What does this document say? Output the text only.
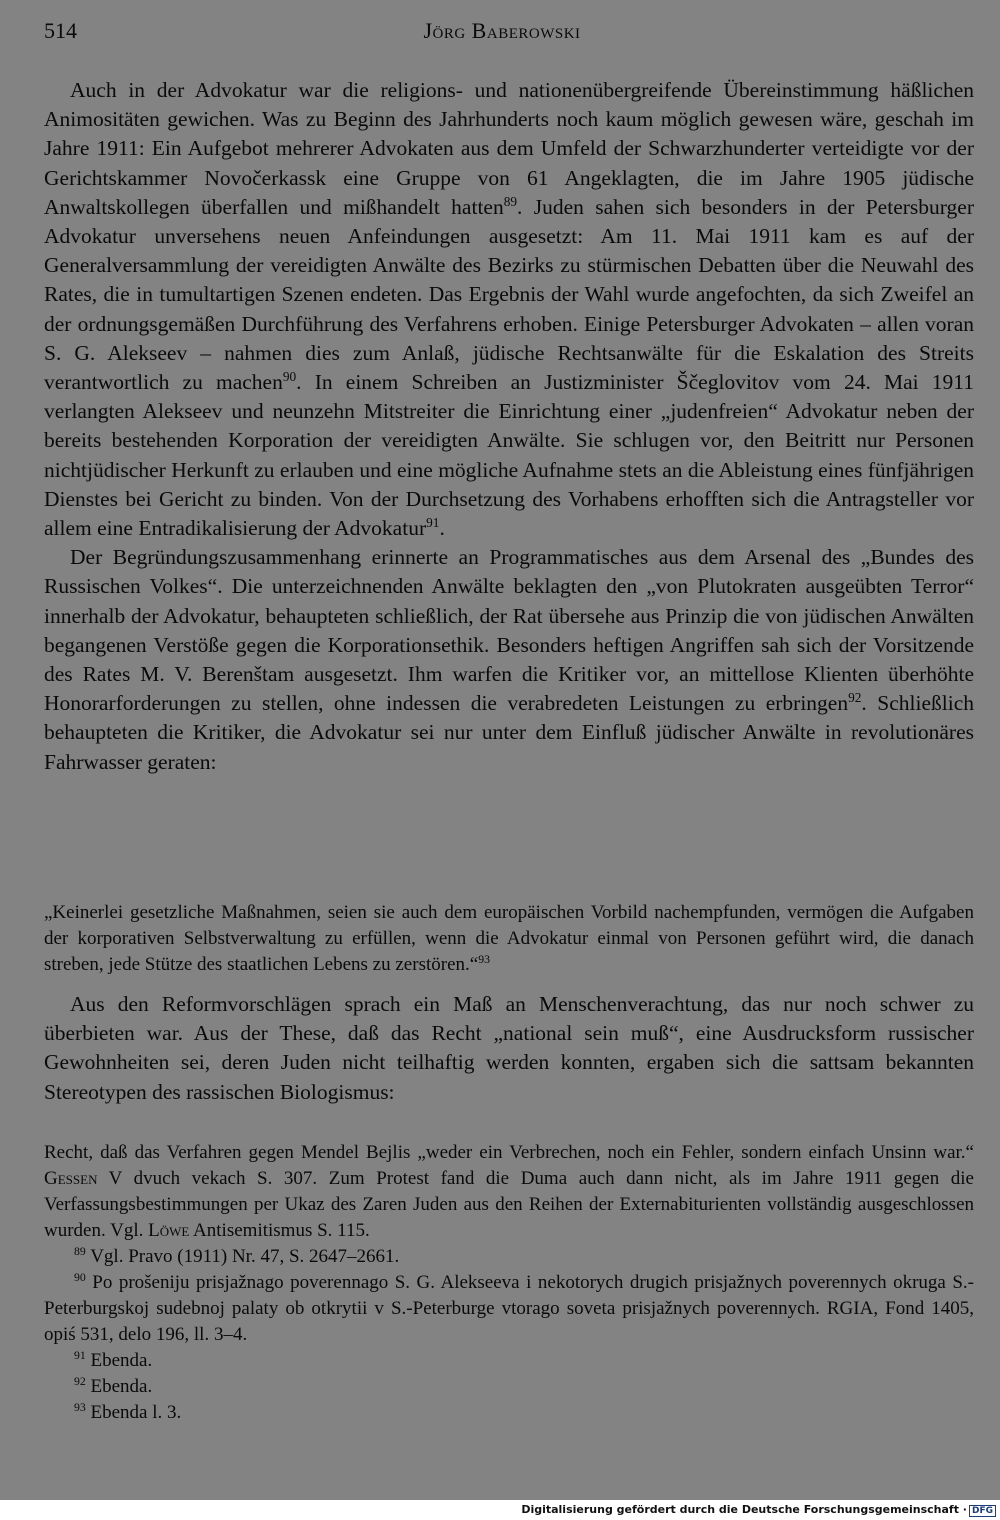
514	Jörg Baberowski

Auch in der Advokatur war die religions- und nationenübergreifende Übereinstimmung häßlichen Animositäten gewichen. Was zu Beginn des Jahrhunderts noch kaum möglich gewesen wäre, geschah im Jahre 1911: Ein Aufgebot mehrerer Advokaten aus dem Umfeld der Schwarzhunderter verteidigte vor der Gerichtskammer Novočerkassk eine Gruppe von 61 Angeklagten, die im Jahre 1905 jüdische Anwaltskollegen überfallen und mißhandelt hatten$^{89}$. Juden sahen sich besonders in der Petersburger Advokatur unversehens neuen Anfeindungen ausgesetzt: Am 11. Mai 1911 kam es auf der Generalversammlung der vereidigten Anwälte des Bezirks zu stürmischen Debatten über die Neuwahl des Rates, die in tumultartigen Szenen endeten. Das Ergebnis der Wahl wurde angefochten, da sich Zweifel an der ordnungsgemäßen Durchführung des Verfahrens erhoben. Einige Petersburger Advokaten – allen voran S. G. Alekseev – nahmen dies zum Anlaß, jüdische Rechtsanwälte für die Eskalation des Streits verantwortlich zu machen$^{90}$. In einem Schreiben an Justizminister Ščeglovitov vom 24. Mai 1911 verlangten Alekseev und neunzehn Mitstreiter die Einrichtung einer „judenfreien“ Advokatur neben der bereits bestehenden Korporation der vereidigten Anwälte. Sie schlugen vor, den Beitritt nur Personen nichtjüdischer Herkunft zu erlauben und eine mögliche Aufnahme stets an die Ableistung eines fünfjährigen Dienstes bei Gericht zu binden. Von der Durchsetzung des Vorhabens erhofften sich die Antragsteller vor allem eine Entradikalisierung der Advokatur$^{91}$.

Der Begründungszusammenhang erinnerte an Programmatisches aus dem Arsenal des „Bundes des Russischen Volkes“. Die unterzeichnenden Anwälte beklagten den „von Plutokraten ausgeübten Terror“ innerhalb der Advokatur, behaupteten schließlich, der Rat übersehe aus Prinzip die von jüdischen Anwälten begangenen Verstöße gegen die Korporationsethik. Besonders heftigen Angriffen sah sich der Vorsitzende des Rates M. V. Berenštam ausgesetzt. Ihm warfen die Kritiker vor, an mittellose Klienten überhöhte Honorarforderungen zu stellen, ohne indessen die verabredeten Leistungen zu erbringen$^{92}$. Schließlich behaupteten die Kritiker, die Advokatur sei nur unter dem Einfluß jüdischer Anwälte in revolutionäres Fahrwasser geraten:

„Keinerlei gesetzliche Maßnahmen, seien sie auch dem europäischen Vorbild nachempfunden, vermögen die Aufgaben der korporativen Selbstverwaltung zu erfüllen, wenn die Advokatur einmal von Personen geführt wird, die danach streben, jede Stütze des staatlichen Lebens zu zerstören.“$^{93}$

Aus den Reformvorschlägen sprach ein Maß an Menschenverachtung, das nur noch schwer zu überbieten war. Aus der These, daß das Recht „national sein muß“, eine Ausdrucksform russischer Gewohnheiten sei, deren Juden nicht teilhaftig werden konnten, ergaben sich die sattsam bekannten Stereotypen des rassischen Biologismus:

Recht, daß das Verfahren gegen Mendel Bejlis „weder ein Verbrechen, noch ein Fehler, sondern einfach Unsinn war.“ Gessen V dvuch vekach S. 307. Zum Protest fand die Duma auch dann nicht, als im Jahre 1911 gegen die Verfassungsbestimmungen per Ukaz des Zaren Juden aus den Reihen der Externabiturienten vollständig ausgeschlossen wurden. Vgl. Löwe Antisemitismus S. 115.

$^{89}$ Vgl. Pravo (1911) Nr. 47, S. 2647–2661.

$^{90}$ Po prošeniju prisjažnago poverennago S. G. Alekseeva i nekotorych drugich prisjažnych poverennych okruga S.-Peterburgskoj sudebnoj palaty ob otkrytii v S.-Peterburge vtorago soveta prisjažnych poverennych. RGIA, Fond 1405, opiś 531, delo 196, ll. 3–4.

$^{91}$ Ebenda.

$^{92}$ Ebenda.

$^{93}$ Ebenda l. 3.

Digitalisierung gefördert durch die Deutsche Forschungsgemeinschaft · DFG
